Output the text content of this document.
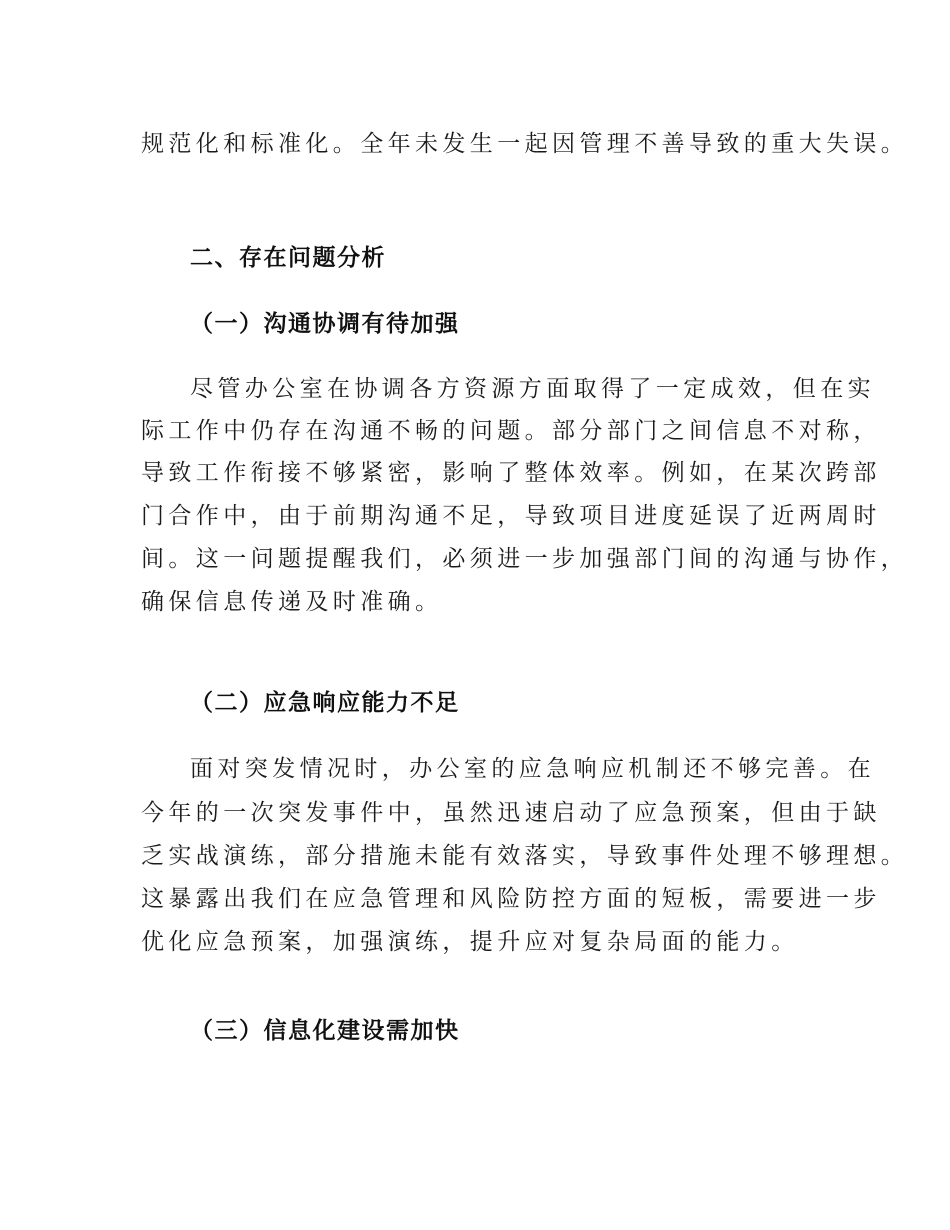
规范化和标准化。全年未发生一起因管理不善导致的重大失误。
二、存在问题分析
（一）沟通协调有待加强
尽管办公室在协调各方资源方面取得了一定成效，但在实
际工作中仍存在沟通不畅的问题。部分部门之间信息不对称，
导致工作衔接不够紧密，影响了整体效率。例如，在某次跨部
门合作中，由于前期沟通不足，导致项目进度延误了近两周时
间。这一问题提醒我们，必须进一步加强部门间的沟通与协作，
确保信息传递及时准确。
（二）应急响应能力不足
面对突发情况时，办公室的应急响应机制还不够完善。在
今年的一次突发事件中，虽然迅速启动了应急预案，但由于缺
乏实战演练，部分措施未能有效落实，导致事件处理不够理想。
这暴露出我们在应急管理和风险防控方面的短板，需要进一步
优化应急预案，加强演练，提升应对复杂局面的能力。
（三）信息化建设需加快
